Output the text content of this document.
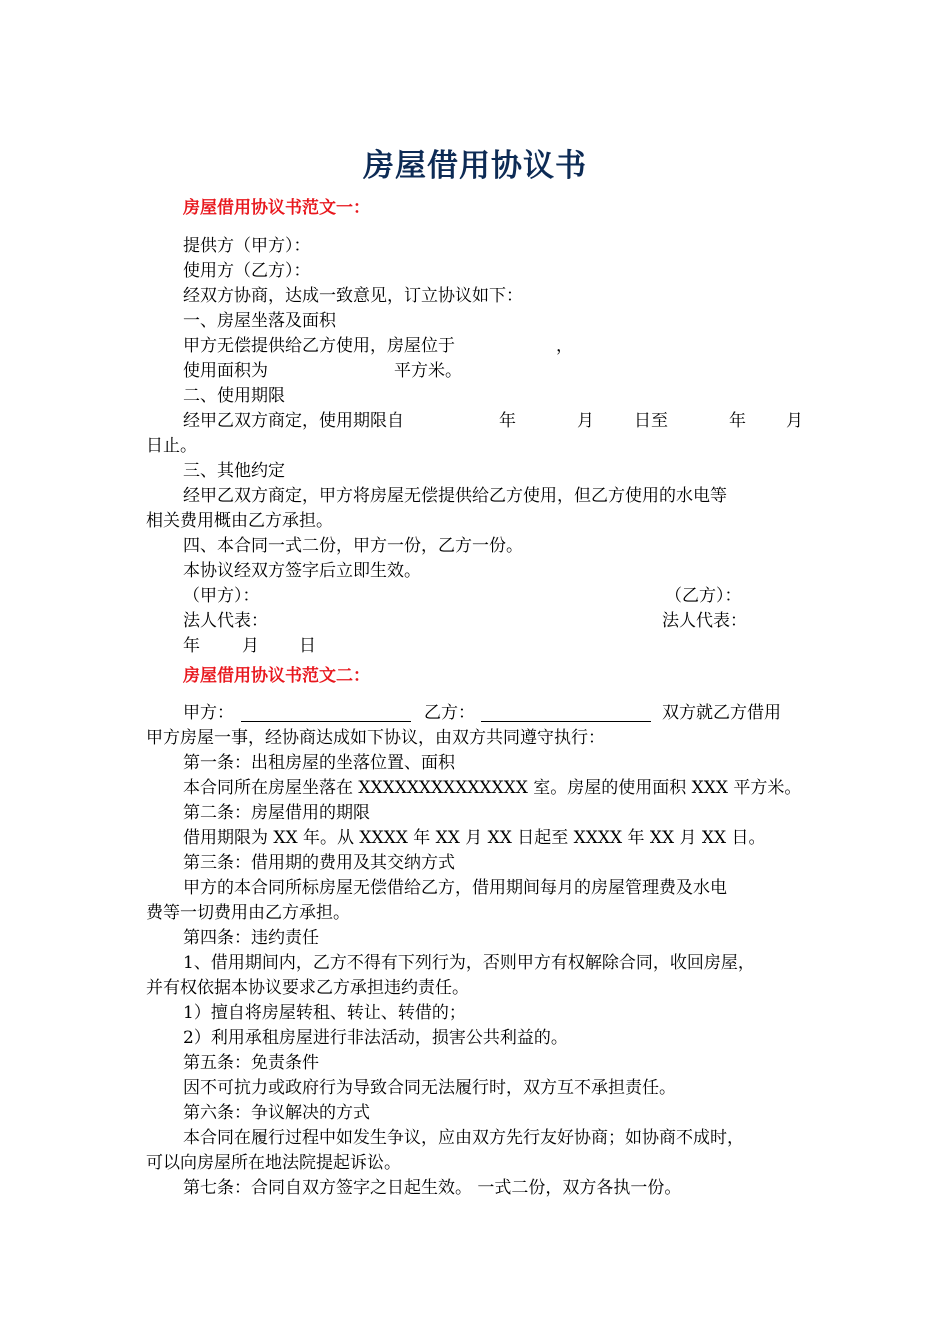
房屋借用协议书
房屋借用协议书范文一：
提供方（甲方）：
使用方（乙方）：
经双方协商，达成一致意见，订立协议如下：
一、房屋坐落及面积
甲方无偿提供给乙方使用，房屋位于	，
使用面积为	平方米。
二、使用期限
经甲乙双方商定，使用期限自	年	月 日至	年 月
日止。
三、其他约定
经甲乙双方商定，甲方将房屋无偿提供给乙方使用，但乙方使用的水电等
相关费用概由乙方承担。
四、本合同一式二份，甲方一份，乙方一份。
本协议经双方签字后立即生效。
（甲方）：	（乙方）：
法人代表：	法人代表：
年 月 日
房屋借用协议书范文二：
甲方：	乙方：	双方就乙方借用
甲方房屋一事，经协商达成如下协议，由双方共同遵守执行：
第一条：出租房屋的坐落位置、面积
本合同所在房屋坐落在 XXXXXXXXXXXXXX 室。房屋的使用面积 XXX 平方米。
第二条：房屋借用的期限
借用期限为 XX 年。从 XXXX 年 XX 月 XX 日起至 XXXX 年 XX 月 XX 日。
第三条：借用期的费用及其交纳方式
甲方的本合同所标房屋无偿借给乙方，借用期间每月的房屋管理费及水电
费等一切费用由乙方承担。
第四条：违约责任
1、借用期间内，乙方不得有下列行为，否则甲方有权解除合同，收回房屋，
并有权依据本协议要求乙方承担违约责任。
1）擅自将房屋转租、转让、转借的；
2）利用承租房屋进行非法活动，损害公共利益的。
第五条：免责条件
因不可抗力或政府行为导致合同无法履行时，双方互不承担责任。
第六条：争议解决的方式
本合同在履行过程中如发生争议，应由双方先行友好协商；如协商不成时，
可以向房屋所在地法院提起诉讼。
第七条：合同自双方签字之日起生效。 一式二份，双方各执一份。
